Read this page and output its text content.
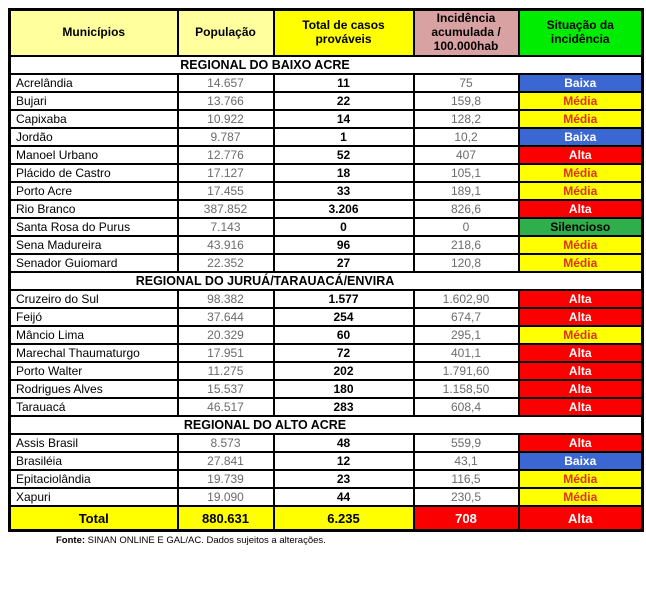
Municípios	População	Total de casos prováveis	Incidência acumulada / 100.000hab	Situação da incidência
REGIONAL DO BAIXO ACRE				
Acrelândia	14.657	11	75	Baixa
Bujari	13.766	22	159,8	Média
Capixaba	10.922	14	128,2	Média
Jordão	9.787	1	10,2	Baixa
Manoel Urbano	12.776	52	407	Alta
Plácido de Castro	17.127	18	105,1	Média
Porto Acre	17.455	33	189,1	Média
Rio Branco	387.852	3.206	826,6	Alta
Santa Rosa do Purus	7.143	0	0	Silencioso
Sena Madureira	43.916	96	218,6	Média
Senador Guiomard	22.352	27	120,8	Média
REGIONAL DO JURUÁ/TARAUACÁ/ENVIRA				
Cruzeiro do Sul	98.382	1.577	1.602,90	Alta
Feijó	37.644	254	674,7	Alta
Mâncio Lima	20.329	60	295,1	Média
Marechal Thaumaturgo	17.951	72	401,1	Alta
Porto Walter	11.275	202	1.791,60	Alta
Rodrigues Alves	15.537	180	1.158,50	Alta
Tarauacá	46.517	283	608,4	Alta
REGIONAL DO ALTO ACRE				
Assis Brasil	8.573	48	559,9	Alta
Brasiléia	27.841	12	43,1	Baixa
Epitaciolândia	19.739	23	116,5	Média
Xapuri	19.090	44	230,5	Média
Total	880.631	6.235	708	Alta
Fonte: SINAN ONLINE E GAL/AC. Dados sujeitos a alterações.
